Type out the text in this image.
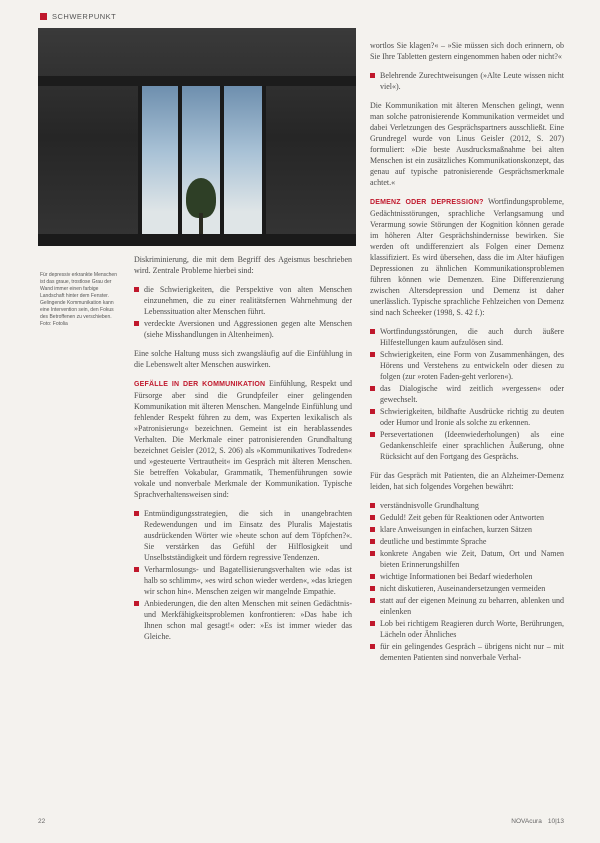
SCHWERPUNKT

Für depressiv erkrankte Menschen ist das graue, trostlose Grau der Wand immer einen farbige Landschaft hinter dem Fenster. Gelingende Kommunikation kann eine Intervention sein, den Fokus des Betroffenen zu verschieben. Foto: Fotolia

Diskriminierung, die mit dem Begriff des Ageismus beschrieben wird. Zentrale Probleme hierbei sind:

die Schwierigkeiten, die Perspektive von alten Menschen einzunehmen, die zu einer realitätsfernen Wahrnehmung der Lebenssituation alter Menschen führt.
verdeckte Aversionen und Aggressionen gegen alte Menschen (siehe Misshandlungen in Altenheimen).

Eine solche Haltung muss sich zwangsläufig auf die Einfühlung in die Lebenswelt alter Menschen auswirken.

GEFÄLLE IN DER KOMMUNIKATION Einfühlung, Respekt und Fürsorge aber sind die Grundpfeiler einer gelingenden Kommunikation mit älteren Menschen. Mangelnde Einfühlung und fehlender Respekt führen zu dem, was Experten lexikalisch als »Patronisierung« bezeichnen. Gemeint ist ein herablassendes Verhalten. Die Merkmale einer patronisierenden Grundhaltung bezeichnet Geisler (2012, S. 206) als »Kommunikatives Todreden« und »gesteuerte Vertrautheit« im Gespräch mit älteren Menschen. Sie betreffen Vokabular, Grammatik, Themenführungen sowie vokale und nonverbale Merkmale der Kommunikation. Typische Sprachverhaltensweisen sind:

Entmündigungsstrategien, die sich in unangebrachten Redewendungen und im Einsatz des Pluralis Majestatis ausdrückenden Wörter wie »heute schon auf dem Töpfchen?«. Sie verstärken das Gefühl der Hilflosigkeit und Unselbstständigkeit und fördern regressive Tendenzen.
Verharmlosungs- und Bagatellisierungsverhalten wie »das ist halb so schlimm«, »es wird schon wieder werden«, »das kriegen wir schon hin«. Menschen zeigen wir mangelnde Empathie.
Anbiederungen, die den alten Menschen mit seinen Gedächtnis- und Merkfähigkeitsproblemen konfrontieren: »Das habe ich Ihnen schon mal gesagt!« oder: »Es ist immer wieder das Gleiche.

wortlos Sie klagen?« – »Sie müssen sich doch erinnern, ob Sie Ihre Tabletten gestern eingenommen haben oder nicht?«

Belehrende Zurechtweisungen (»Alte Leute wissen nicht viel«).

Die Kommunikation mit älteren Menschen gelingt, wenn man solche patronisierende Kommunikation vermeidet und dabei Verletzungen des Gesprächspartners ausschließt. Eine Grundregel wurde von Linus Geisler (2012, S. 207) formuliert: »Die beste Ausdrucksmaßnahme bei alten Menschen ist ein zusätzliches Kommunikationskonzept, das genau auf typische patronisierende Gesprächsmerkmale achtet.«

DEMENZ ODER DEPRESSION? Wortfindungsprobleme, Gedächtnisstörungen, sprachliche Verlangsamung und Verarmung sowie Störungen der Kognition können gerade im höheren Alter Gesprächshindernisse bewirken. Sie werden oft undifferenziert als Folgen einer Demenz klassifiziert. Es wird übersehen, dass die im Alter häufigen Depressionen zu ähnlichen Kommunikationsproblemen führen können wie Demenzen. Eine Differenzierung zwischen Altersdepression und Demenz ist daher unerlässlich. Typische sprachliche Fehlzeichen von Demenz sind nach Scheeker (1998, S. 42 f.):

Wortfindungsstörungen, die auch durch äußere Hilfestellungen kaum aufzulösen sind.
Schwierigkeiten, eine Form von Zusammenhängen, des Hörens und Verstehens zu entwickeln oder diesen zu folgen (zur »roten Faden-geht verloren«).
das Dialogische wird zeitlich »vergessen« oder gewechselt.
Schwierigkeiten, bildhafte Ausdrücke richtig zu deuten oder Humor und Ironie als solche zu erkennen.
Persevertationen (Ideenwiederholungen) als eine Gedankenschleife einer sprachlichen Äußerung, ohne Rücksicht auf den Fortgang des Gesprächs.

Für das Gespräch mit Patienten, die an Alzheimer-Demenz leiden, hat sich folgendes Vorgehen bewährt:

verständnisvolle Grundhaltung
Geduld! Zeit geben für Reaktionen oder Antworten
klare Anweisungen in einfachen, kurzen Sätzen
deutliche und bestimmte Sprache
konkrete Angaben wie Zeit, Datum, Ort und Namen bieten Erinnerungshilfen
wichtige Informationen bei Bedarf wiederholen
nicht diskutieren, Auseinandersetzungen vermeiden
statt auf der eigenen Meinung zu beharren, ablenken und einlenken
Lob bei richtigem Reagieren durch Worte, Berührungen, Lächeln oder Ähnliches
für ein gelingendes Gespräch – übrigens nicht nur – mit dementen Patienten sind nonverbale Verhal-
22	NOVAcura 10|13
